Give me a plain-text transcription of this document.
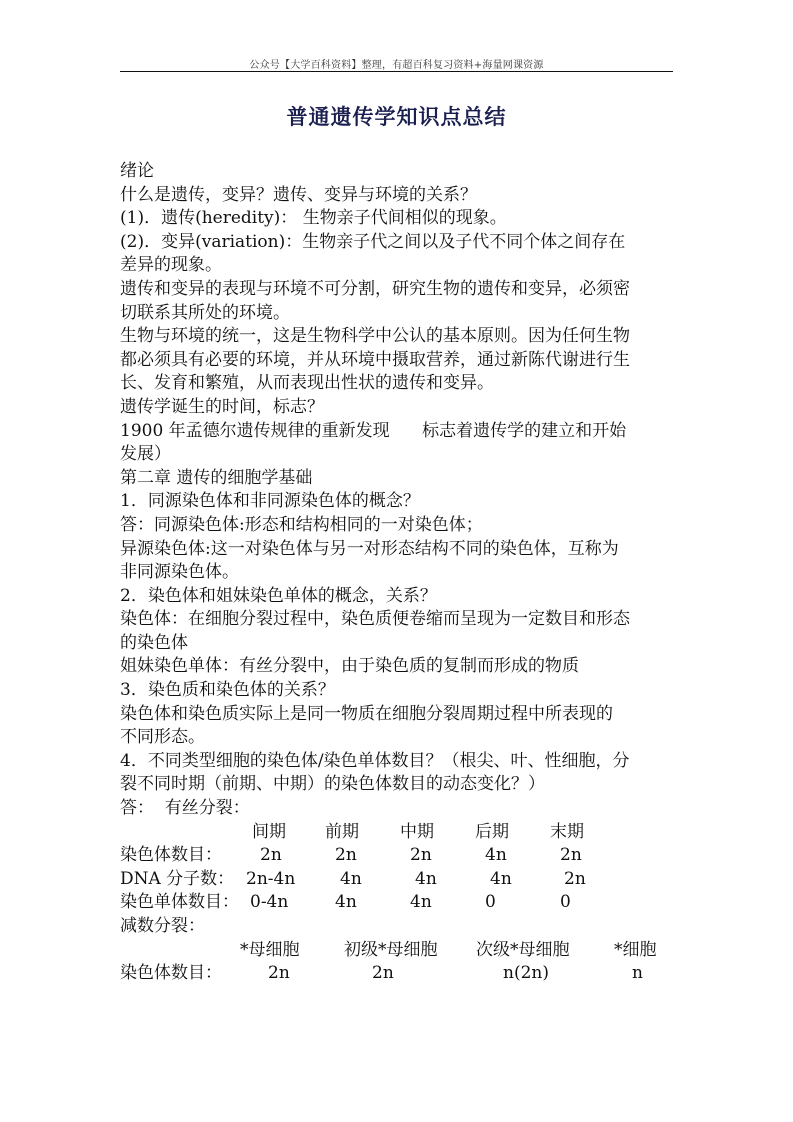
公众号【大学百科资料】整理，有超百科复习资料+海量网课资源
普通遗传学知识点总结
绪论
什么是遗传，变异？遗传、变异与环境的关系？
(1)．遗传(heredity)： 生物亲子代间相似的现象。
(2)．变异(variation)：生物亲子代之间以及子代不同个体之间存在
差异的现象。
遗传和变异的表现与环境不可分割，研究生物的遗传和变异，必须密
切联系其所处的环境。
生物与环境的统一，这是生物科学中公认的基本原则。因为任何生物
都必须具有必要的环境，并从环境中摄取营养，通过新陈代谢进行生
长、发育和繁殖，从而表现出性状的遗传和变异。
遗传学诞生的时间，标志？
1900 年孟德尔遗传规律的重新发现      标志着遗传学的建立和开始
发展）
第二章 遗传的细胞学基础
1．同源染色体和非同源染色体的概念？
答：同源染色体:形态和结构相同的一对染色体；
异源染色体:这一对染色体与另一对形态结构不同的染色体，互称为
非同源染色体。
2．染色体和姐妹染色单体的概念，关系？
染色体：在细胞分裂过程中，染色质便卷缩而呈现为一定数目和形态
的染色体
姐妹染色单体：有丝分裂中，由于染色质的复制而形成的物质
3．染色质和染色体的关系？
染色体和染色质实际上是同一物质在细胞分裂周期过程中所表现的
不同形态。
4．不同类型细胞的染色体/染色单体数目？（根尖、叶、性细胞，分
裂不同时期（前期、中期）的染色体数目的动态变化？）
答：  有丝分裂：
间期 前期 中期 后期 末期
染色体数目： 2n	2n	2n	4n	2n
DNA 分子数： 2n-4n	4n	4n	4n	2n
染色单体数目： 0-4n	4n	4n	0	0
减数分裂：
*母细胞	初级*母细胞 次级*母细胞	*细胞
染色体数目：	2n	2n	n(2n)	n
